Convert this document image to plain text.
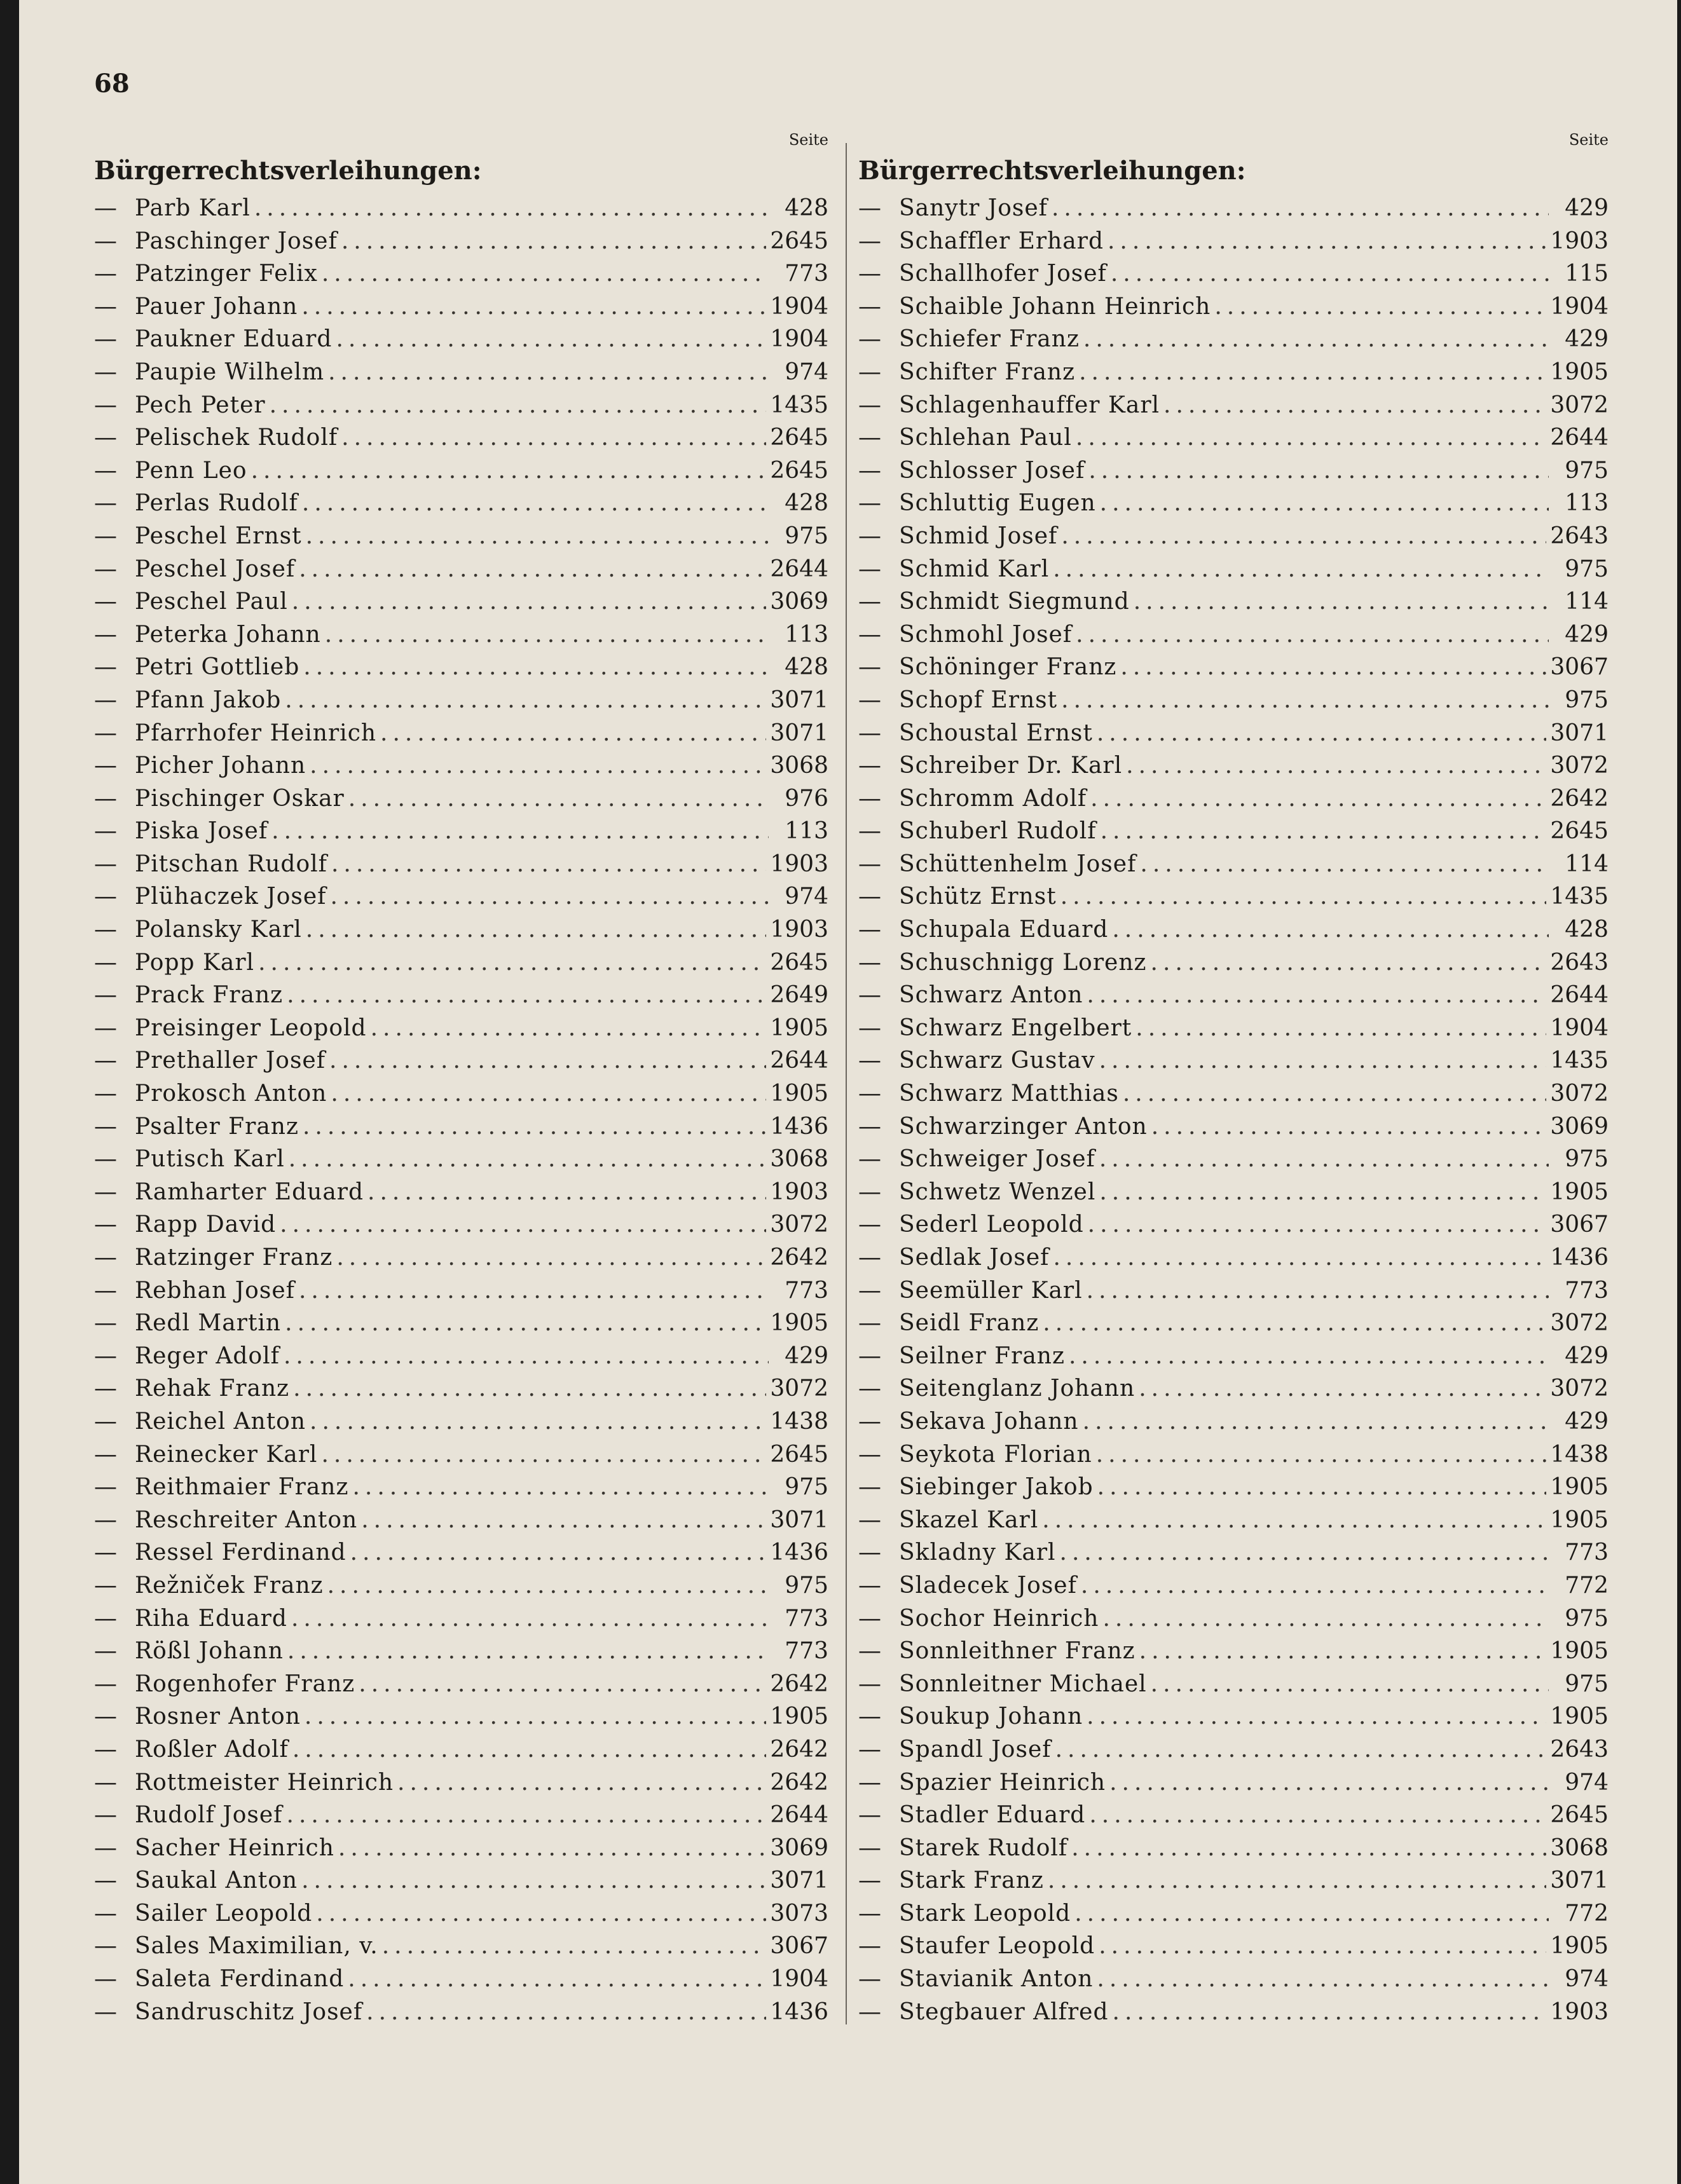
68
Seite
Bürgerrechtsverleihungen:
— Parb Karl .....	428
— Paschinger Josef .....	2645
— Patzinger Felix .....	773
— Pauer Johann .....	1904
— Paukner Eduard .....	1904
— Paupie Wilhelm .....	974
— Pech Peter .....	1435
— Pelischek Rudolf .....	2645
— Penn Leo .....	2645
— Perlas Rudolf .....	428
— Peschel Ernst .....	975
— Peschel Josef .....	2644
— Peschel Paul .....	3069
— Peterka Johann .....	113
— Petri Gottlieb .....	428
— Pfann Jakob .....	3071
— Pfarrhofer Heinrich .....	3071
— Picher Johann .....	3068
— Pischinger Oskar .....	976
— Piska Josef .....	113
— Pitschan Rudolf .....	1903
— Plühaczek Josef .....	974
— Polansky Karl .....	1903
— Popp Karl .....	2645
— Prack Franz .....	2649
— Preisinger Leopold .....	1905
— Prethaller Josef .....	2644
— Prokosch Anton .....	1905
— Psalter Franz .....	1436
— Putisch Karl .....	3068
— Ramharter Eduard .....	1903
— Rapp David .....	3072
— Ratzinger Franz .....	2642
— Rebhan Josef .....	773
— Redl Martin .....	1905
— Reger Adolf .....	429
— Rehak Franz .....	3072
— Reichel Anton .....	1438
— Reinecker Karl .....	2645
— Reithmaier Franz .....	975
— Reschreiter Anton .....	3071
— Ressel Ferdinand .....	1436
— Režniček Franz .....	975
— Riha Eduard .....	773
— Rößl Johann .....	773
— Rogenhofer Franz .....	2642
— Rosner Anton .....	1905
— Roßler Adolf .....	2642
— Rottmeister Heinrich .....	2642
— Rudolf Josef .....	2644
— Sacher Heinrich .....	3069
— Saukal Anton .....	3071
— Sailer Leopold .....	3073
— Sales Maximilian, v. .....	3067
— Saleta Ferdinand .....	1904
— Sandruschitz Josef .....	1436
Seite
Bürgerrechtsverleihungen:
— Sanytr Josef .....	429
— Schaffler Erhard .....	1903
— Schallhofer Josef .....	115
— Schaible Johann Heinrich .....	1904
— Schiefer Franz .....	429
— Schifter Franz .....	1905
— Schlagenhauffer Karl .....	3072
— Schlehan Paul .....	2644
— Schlosser Josef .....	975
— Schluttig Eugen .....	113
— Schmid Josef .....	2643
— Schmid Karl .....	975
— Schmidt Siegmund .....	114
— Schmohl Josef .....	429
— Schöninger Franz .....	3067
— Schopf Ernst .....	975
— Schoustal Ernst .....	3071
— Schreiber Dr. Karl .....	3072
— Schromm Adolf .....	2642
— Schuberl Rudolf .....	2645
— Schüttenhelm Josef .....	114
— Schütz Ernst .....	1435
— Schupala Eduard .....	428
— Schuschnigg Lorenz .....	2643
— Schwarz Anton .....	2644
— Schwarz Engelbert .....	1904
— Schwarz Gustav .....	1435
— Schwarz Matthias .....	3072
— Schwarzinger Anton .....	3069
— Schweiger Josef .....	975
— Schwetz Wenzel .....	1905
— Sederl Leopold .....	3067
— Sedlak Josef .....	1436
— Seemüller Karl .....	773
— Seidl Franz .....	3072
— Seilner Franz .....	429
— Seitenglanz Johann .....	3072
— Sekava Johann .....	429
— Seykota Florian .....	1438
— Siebinger Jakob .....	1905
— Skazel Karl .....	1905
— Skladny Karl .....	773
— Sladecek Josef .....	772
— Sochor Heinrich .....	975
— Sonnleithner Franz .....	1905
— Sonnleitner Michael .....	975
— Soukup Johann .....	1905
— Spandl Josef .....	2643
— Spazier Heinrich .....	974
— Stadler Eduard .....	2645
— Starek Rudolf .....	3068
— Stark Franz .....	3071
— Stark Leopold .....	772
— Staufer Leopold .....	1905
— Stavianik Anton .....	974
— Stegbauer Alfred .....	1903
